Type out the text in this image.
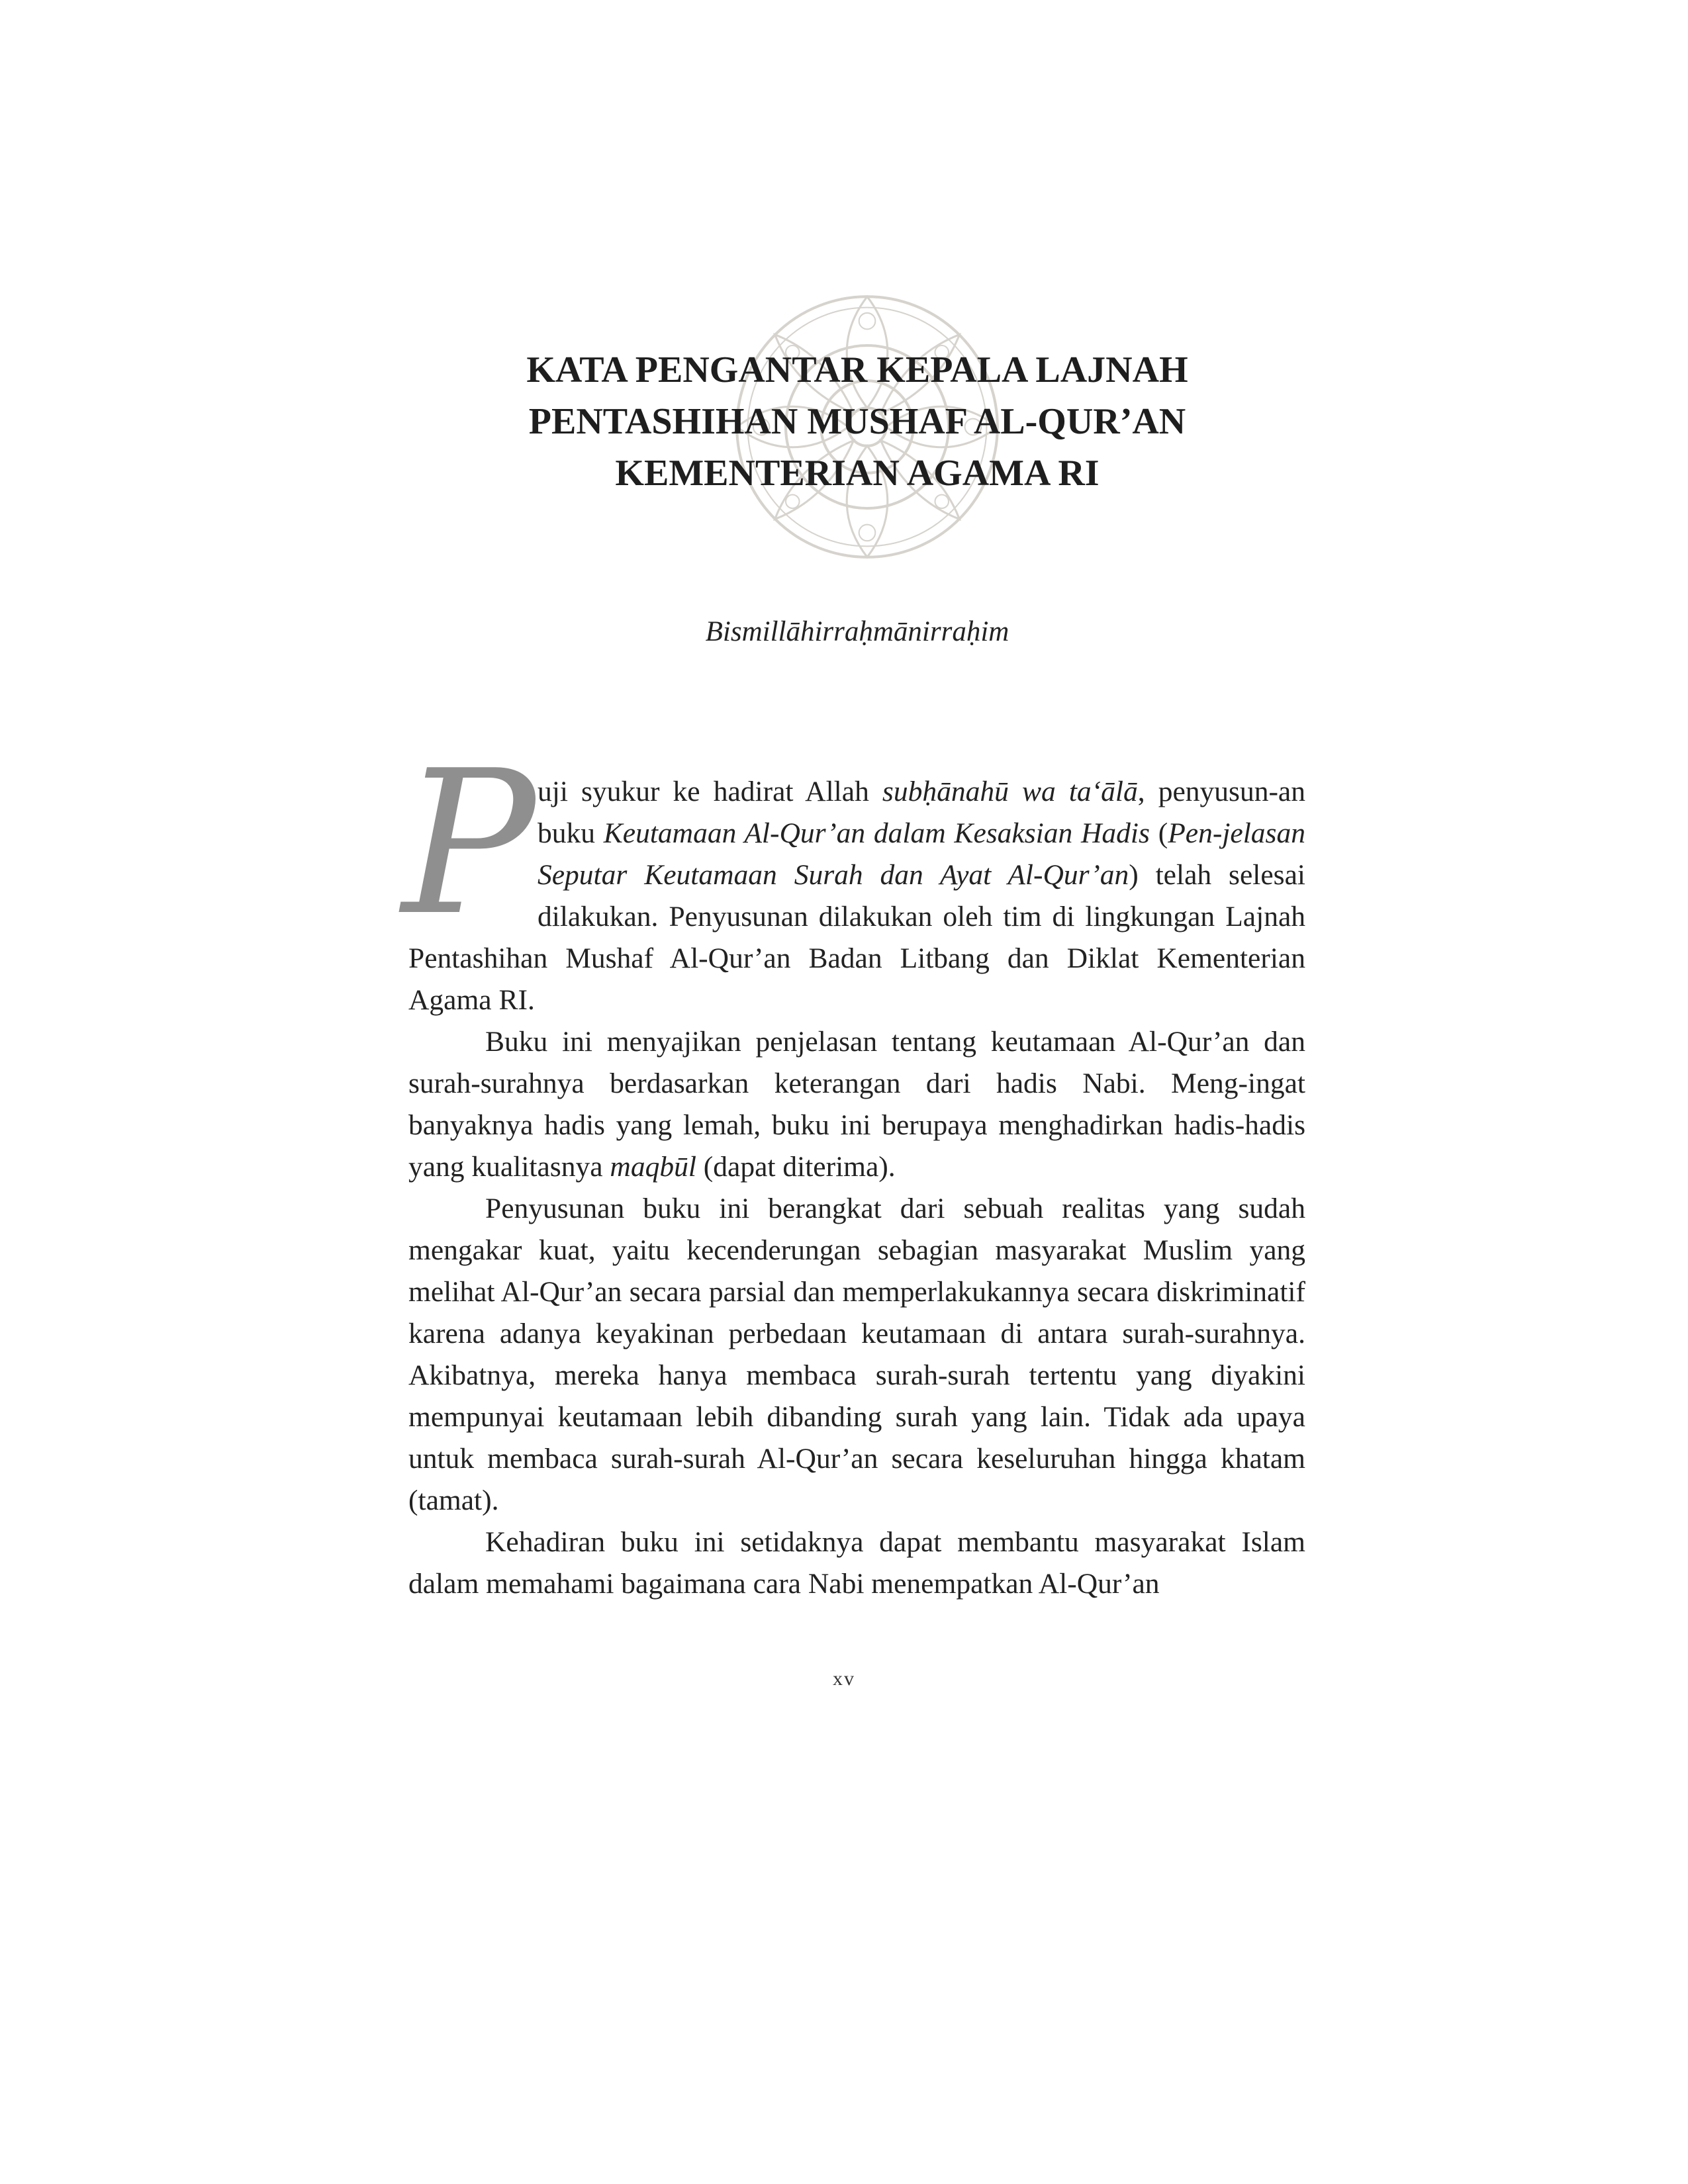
KATA PENGANTAR KEPALA LAJNAH
PENTASHIHAN MUSHAF AL-QUR’AN
KEMENTERIAN AGAMA RI
Bismillāhirraḥmānirraḥim

P uji syukur ke hadirat Allah subḥānahū wa ta‘ālā, penyusun-an buku Keutamaan Al-Qur’an dalam Kesaksian Hadis (Pen-jelasan Seputar Keutamaan Surah dan Ayat Al-Qur’an) telah selesai dilakukan. Penyusunan dilakukan oleh tim di lingkungan Lajnah Pentashihan Mushaf Al-Qur’an Badan Litbang dan Diklat Kementerian Agama RI.

Buku ini menyajikan penjelasan tentang keutamaan Al-Qur’an dan surah-surahnya berdasarkan keterangan dari hadis Nabi. Meng-ingat banyaknya hadis yang lemah, buku ini berupaya menghadirkan hadis-hadis yang kualitasnya maqbūl (dapat diterima).

Penyusunan buku ini berangkat dari sebuah realitas yang sudah mengakar kuat, yaitu kecenderungan sebagian masyarakat Muslim yang melihat Al-Qur’an secara parsial dan memperlakukannya secara diskriminatif karena adanya keyakinan perbedaan keutamaan di antara surah-surahnya. Akibatnya, mereka hanya membaca surah-surah tertentu yang diyakini mempunyai keutamaan lebih dibanding surah yang lain. Tidak ada upaya untuk membaca surah-surah Al-Qur’an secara keseluruhan hingga khatam (tamat).

Kehadiran buku ini setidaknya dapat membantu masyarakat Islam dalam memahami bagaimana cara Nabi menempatkan Al-Qur’an

xv
